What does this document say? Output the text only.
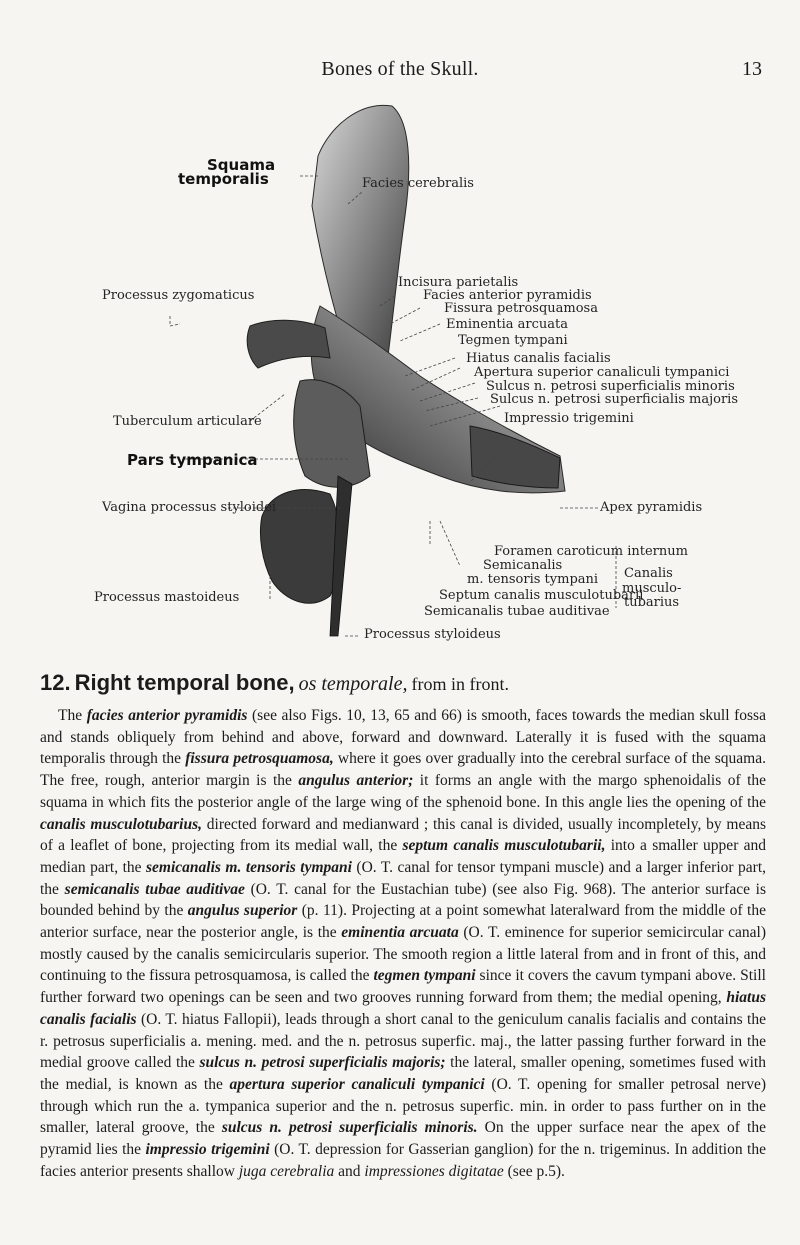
Bones of the Skull.	13
Squama
temporalis	Facies cerebralis
Incisura parietalis
Processus zygomaticus	Facies anterior pyramidis
Fissura petrosquamosa
Eminentia arcuata
Tegmen tympani
Hiatus canalis facialis
Apertura superior canaliculi tympanici
Sulcus n. petrosi superficialis minoris
Sulcus n. petrosi superficialis majoris
Tuberculum articulare	Impressio trigemini
Pars tympanica
Vagina processus styloidei	Apex pyramidis
Foramen caroticum internum
Semicanalis
m. tensoris tympani
Septum canalis musculotubarii
Semicanalis tubae auditivae
Canalis
musculo-
tubarius
Processus mastoideus
Processus styloideus
12. Right temporal bone, os temporale, from in front.

The facies anterior pyramidis (see also Figs. 10, 13, 65 and 66) is smooth, faces towards the median skull fossa and stands obliquely from behind and above, forward and downward. Laterally it is fused with the squama temporalis through the fissura petrosquamosa, where it goes over gradually into the cerebral surface of the squama. The free, rough, anterior margin is the angulus anterior; it forms an angle with the margo sphenoidalis of the squama in which fits the posterior angle of the large wing of the sphenoid bone. In this angle lies the opening of the canalis musculotubarius, directed forward and medianward ; this canal is divided, usually incompletely, by means of a leaflet of bone, projecting from its medial wall, the septum canalis musculotubarii, into a smaller upper and median part, the semicanalis m. tensoris tympani (O. T. canal for tensor tympani muscle) and a larger inferior part, the semicanalis tubae auditivae (O. T. canal for the Eustachian tube) (see also Fig. 968). The anterior surface is bounded behind by the angulus superior (p. 11). Projecting at a point somewhat lateralward from the middle of the anterior surface, near the posterior angle, is the eminentia arcuata (O. T. eminence for superior semicircular canal) mostly caused by the canalis semicircularis superior. The smooth region a little lateral from and in front of this, and continuing to the fissura petrosquamosa, is called the tegmen tympani since it covers the cavum tympani above. Still further forward two openings can be seen and two grooves running forward from them; the medial opening, hiatus canalis facialis (O. T. hiatus Fallopii), leads through a short canal to the geniculum canalis facialis and contains the r. petrosus superficialis a. mening. med. and the n. petrosus superfic. maj., the latter passing further forward in the medial groove called the sulcus n. petrosi superficialis majoris; the lateral, smaller opening, sometimes fused with the medial, is known as the apertura superior canaliculi tympanici (O. T. opening for smaller petrosal nerve) through which run the a. tympanica superior and the n. petrosus superfic. min. in order to pass further on in the smaller, lateral groove, the sulcus n. petrosi superficialis minoris. On the upper surface near the apex of the pyramid lies the impressio trigemini (O. T. depression for Gasserian ganglion) for the n. trigeminus. In addition the facies anterior presents shallow juga cerebralia and impressiones digitatae (see p.5).
